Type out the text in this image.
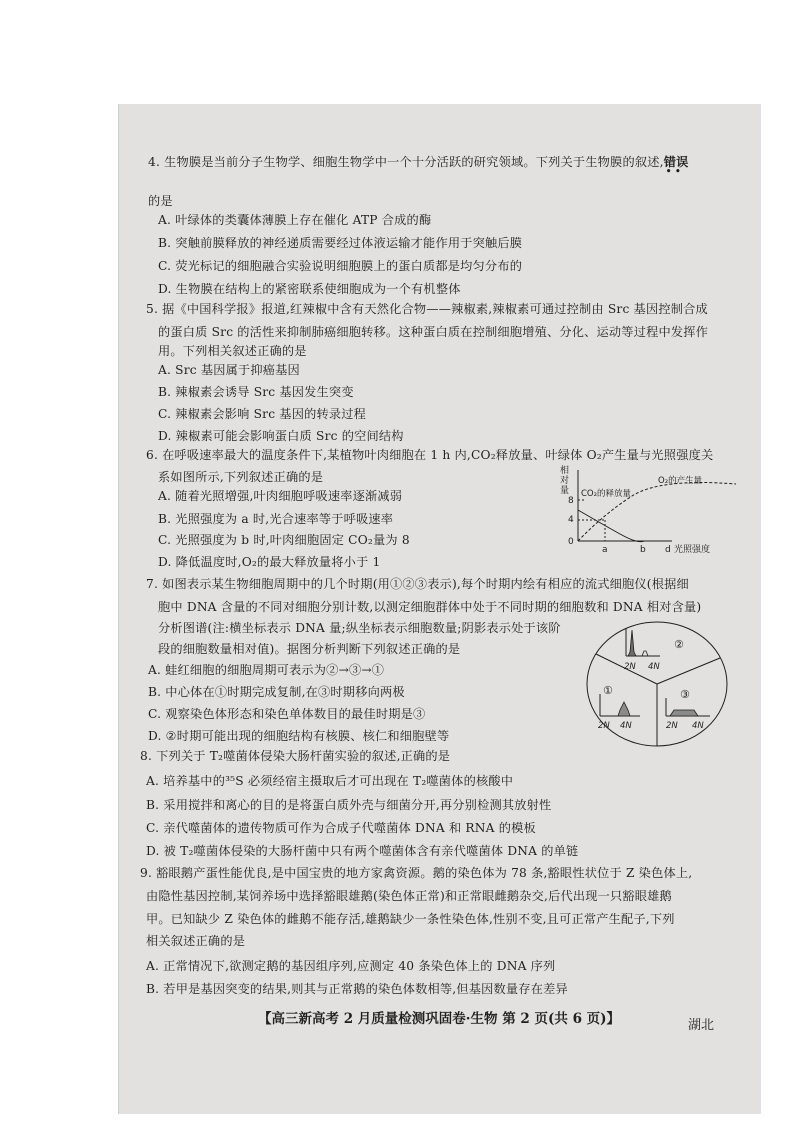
4. 生物膜是当前分子生物学、细胞生物学中一个十分活跃的研究领域。下列关于生物膜的叙述,错误
• •
的是
A. 叶绿体的类囊体薄膜上存在催化 ATP 合成的酶
B. 突触前膜释放的神经递质需要经过体液运输才能作用于突触后膜
C. 荧光标记的细胞融合实验说明细胞膜上的蛋白质都是均匀分布的
D. 生物膜在结构上的紧密联系使细胞成为一个有机整体
5. 据《中国科学报》报道,红辣椒中含有天然化合物——辣椒素,辣椒素可通过控制由 Src 基因控制合成
的蛋白质 Src 的活性来抑制肺癌细胞转移。这种蛋白质在控制细胞增殖、分化、运动等过程中发挥作
用。下列相关叙述正确的是
A. Src 基因属于抑癌基因
B. 辣椒素会诱导 Src 基因发生突变
C. 辣椒素会影响 Src 基因的转录过程
D. 辣椒素可能会影响蛋白质 Src 的空间结构
6. 在呼吸速率最大的温度条件下,某植物叶肉细胞在 1 h 内,CO₂释放量、叶绿体 O₂产生量与光照强度关
系如图所示,下列叙述正确的是
A. 随着光照增强,叶肉细胞呼吸速率逐渐减弱
B. 光照强度为 a 时,光合速率等于呼吸速率
C. 光照强度为 b 时,叶肉细胞固定 CO₂量为 8
D. 降低温度时,O₂的最大释放量将小于 1
相
对
量
8
4
0
CO₂的释放量
O₂的产生量
a	b d 光照强度
7. 如图表示某生物细胞周期中的几个时期(用①②③表示),每个时期内绘有相应的流式细胞仪(根据细
胞中 DNA 含量的不同对细胞分别计数,以测定细胞群体中处于不同时期的细胞数和 DNA 相对含量)
分析图谱(注:横坐标表示 DNA 量;纵坐标表示细胞数量;阴影表示处于该阶
段的细胞数量相对值)。据图分析判断下列叙述正确的是
A. 蛙红细胞的细胞周期可表示为②→③→①
B. 中心体在①时期完成复制,在③时期移向两极
C. 观察染色体形态和染色单体数目的最佳时期是③
D. ②时期可能出现的细胞结构有核膜、核仁和细胞壁等
②
2N 4N
①
2N 4N
③
2N 4N
8. 下列关于 T₂噬菌体侵染大肠杆菌实验的叙述,正确的是
A. 培养基中的³⁵S 必须经宿主摄取后才可出现在 T₂噬菌体的核酸中
B. 采用搅拌和离心的目的是将蛋白质外壳与细菌分开,再分别检测其放射性
C. 亲代噬菌体的遗传物质可作为合成子代噬菌体 DNA 和 RNA 的模板
D. 被 T₂噬菌体侵染的大肠杆菌中只有两个噬菌体含有亲代噬菌体 DNA 的单链
9. 豁眼鹅产蛋性能优良,是中国宝贵的地方家禽资源。鹅的染色体为 78 条,豁眼性状位于 Z 染色体上,
由隐性基因控制,某饲养场中选择豁眼雄鹅(染色体正常)和正常眼雌鹅杂交,后代出现一只豁眼雄鹅
甲。已知缺少 Z 染色体的雌鹅不能存活,雄鹅缺少一条性染色体,性别不变,且可正常产生配子,下列
相关叙述正确的是
A. 正常情况下,欲测定鹅的基因组序列,应测定 40 条染色体上的 DNA 序列
B. 若甲是基因突变的结果,则其与正常鹅的染色体数相等,但基因数量存在差异
【高三新高考 2 月质量检测巩固卷·生物 第 2 页(共 6 页)】	湖北
